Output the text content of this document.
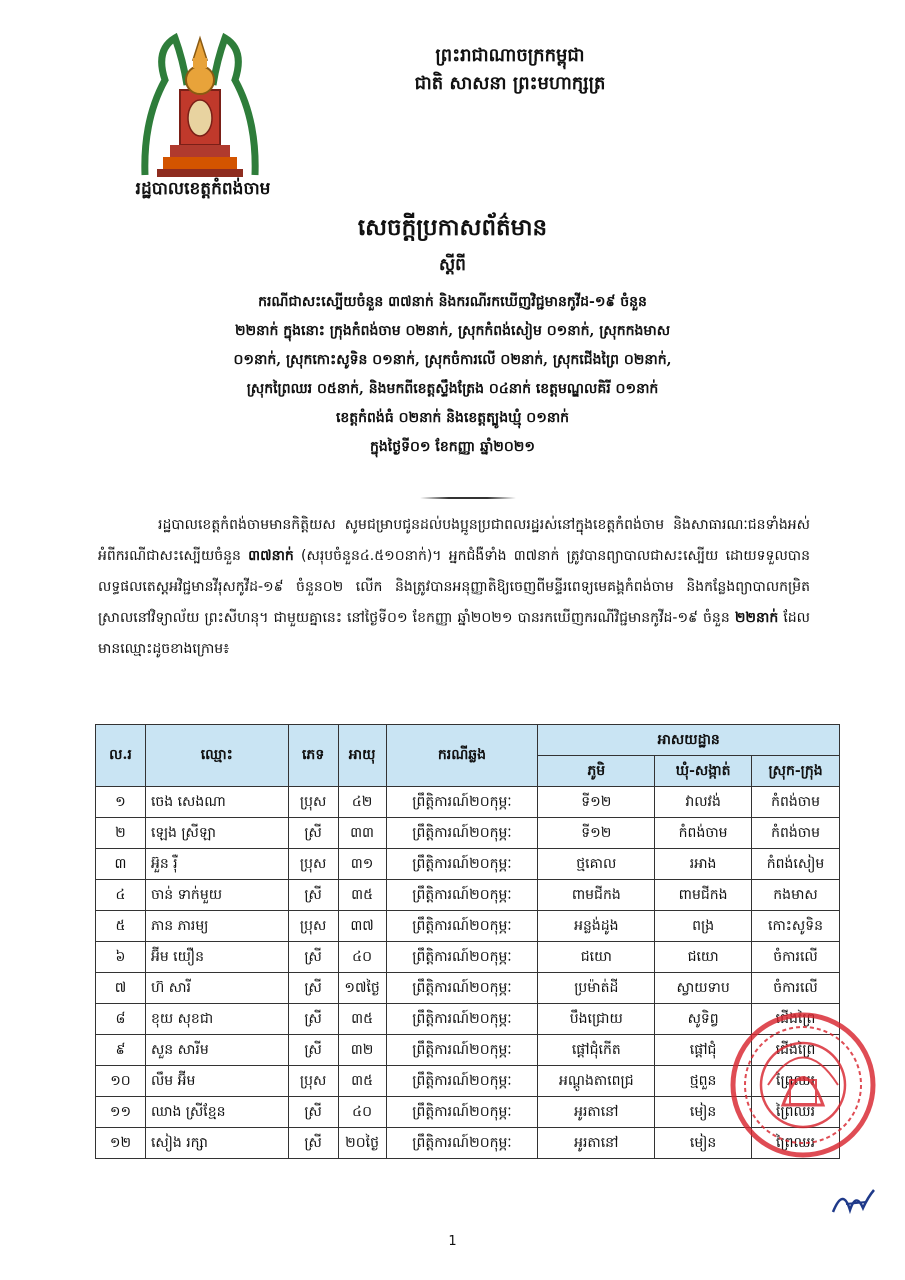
រដ្ឋបាលខេត្តកំពង់ចាម
ព្រះរាជាណាចក្រកម្ពុជា
ជាតិ សាសនា ព្រះមហាក្សត្រ
សេចក្តីប្រកាសព័ត៌មាន
ស្តីពី
ករណីជាសះស្បើយចំនួន ៣៧នាក់ និងករណីរកឃើញវិជ្ជមានកូវីដ-១៩ ចំនួន
២២នាក់ ក្នុងនោះ ក្រុងកំពង់ចាម ០២នាក់, ស្រុកកំពង់សៀម ០១នាក់, ស្រុកកងមាស
០១នាក់, ស្រុកកោះសូទិន ០១នាក់, ស្រុកចំការលើ ០២នាក់, ស្រុកជើងព្រៃ ០២នាក់,
ស្រុកព្រៃឈរ ០៥នាក់, និងមកពីខេត្តស្ទឹងត្រែង ០៤នាក់ ខេត្តមណ្ឌលគិរី ០១នាក់
ខេត្តកំពង់ធំ ០២នាក់ និងខេត្តត្បូងឃ្មុំ ០១នាក់
ក្នុងថ្ងៃទី០១ ខែកញ្ញា ឆ្នាំ២០២១
រដ្ឋបាលខេត្តកំពង់ចាមមានកិត្តិយស សូមជម្រាបជូនដល់បងប្អូនប្រជាពលរដ្ឋរស់នៅក្នុងខេត្តកំពង់ចាម និងសាធារណៈជនទាំងអស់ អំពីករណីជាសះស្បើយចំនួន ៣៧នាក់ (សរុបចំនួន៤.៥១០នាក់)។ អ្នកជំងឺទាំង ៣៧នាក់ ត្រូវបានព្យាបាលជាសះស្បើយ ដោយទទួលបានលទ្ធផលតេស្តអវិជ្ជមានវីរុសកូវីដ-១៩ ចំនួន០២ លើក និងត្រូវបានអនុញ្ញាតិឱ្យចេញពីមន្ទីរពេទ្យមេគង្គកំពង់ចាម និងកន្លែងព្យាបាលកម្រិតស្រាលនៅវិទ្យាល័យ ព្រះសីហនុ។ ជាមួយគ្នានេះ នៅថ្ងៃទី០១ ខែកញ្ញា ឆ្នាំ២០២១ បានរកឃើញករណីវិជ្ជមានកូវីដ-១៩ ចំនួន ២២នាក់ ដែលមានឈ្មោះដូចខាងក្រោម៖
ល.រ	ឈ្មោះ	ភេទ	អាយុ	ករណីឆ្លង	អាសយដ្ឋាន		
					ភូមិ	ឃុំ-សង្កាត់	ស្រុក-ក្រុង
១	ចេង សេងណា	ប្រុស	៤២	ព្រឹត្តិការណ៍២០កុម្ភៈ	ទី១២	វាលវង់	កំពង់ចាម
២	ឡេង ស្រីឡា	ស្រី	៣៣	ព្រឹត្តិការណ៍២០កុម្ភៈ	ទី១២	កំពង់ចាម	កំពង់ចាម
៣	អ៊ួន រ៉ឺ	ប្រុស	៣១	ព្រឹត្តិការណ៍២០កុម្ភៈ	ថ្មគោល	រអាង	កំពង់សៀម
៤	ចាន់ ទាក់មួយ	ស្រី	៣៥	ព្រឹត្តិការណ៍២០កុម្ភៈ	ពាមជីកង	ពាមជីកង	កងមាស
៥	ភាន ភារម្យ	ប្រុស	៣៧	ព្រឹត្តិការណ៍២០កុម្ភៈ	អន្លង់ដូង	ពង្រ	កោះសូទិន
៦	អ៊ីម យឿន	ស្រី	៤០	ព្រឹត្តិការណ៍២០កុម្ភៈ	ជយោ	ជយោ	ចំការលើ
៧	ហ៊ សារី	ស្រី	១៧ថ្ងៃ	ព្រឹត្តិការណ៍២០កុម្ភៈ	ប្រម៉ាត់ដី	ស្វាយទាប	ចំការលើ
៨	ខុយ សុខជា	ស្រី	៣៥	ព្រឹត្តិការណ៍២០កុម្ភៈ	បឹងជ្រោយ	សូទិព្វ	ជើងព្រៃ
៩	សួន សារីម	ស្រី	៣២	ព្រឹត្តិការណ៍២០កុម្ភៈ	ផ្តៅជុំកើត	ផ្តៅជុំ	ជើងព្រៃ
១០	លឹម អ៊ីម	ប្រុស	៣៥	ព្រឹត្តិការណ៍២០កុម្ភៈ	អណ្តូងតាពេជ្រ	ថ្មពួន	ព្រៃឈរ
១១	ឈាង ស្រីខ្មែន	ស្រី	៤០	ព្រឹត្តិការណ៍២០កុម្ភៈ	អូរតានៅ	មៀន	ព្រៃឈរ
១២	សៀង រក្សា	ស្រី	២០ថ្ងៃ	ព្រឹត្តិការណ៍២០កុម្ភៈ	អូរតានៅ	មៀន	ព្រៃឈរ
1
